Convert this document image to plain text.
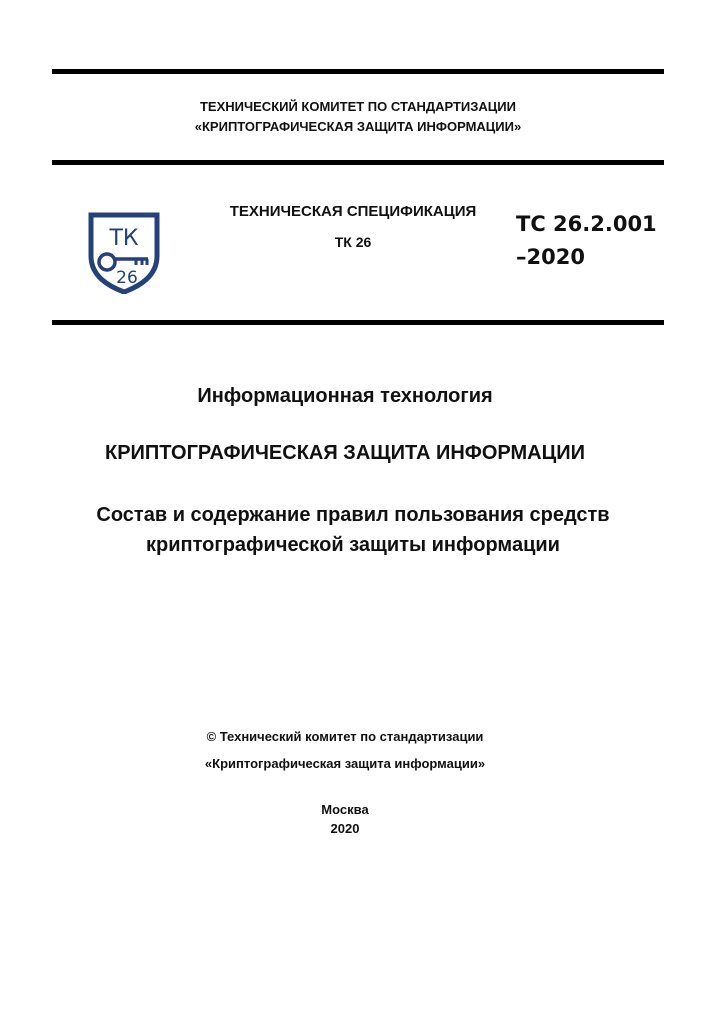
ТЕХНИЧЕСКИЙ КОМИТЕТ ПО СТАНДАРТИЗАЦИИ
«КРИПТОГРАФИЧЕСКАЯ ЗАЩИТА ИНФОРМАЦИИ»
ТК
26
ТЕХНИЧЕСКАЯ СПЕЦИФИКАЦИЯ
ТК 26
ТС 26.2.001
–2020
Информационная технология
КРИПТОГРАФИЧЕСКАЯ ЗАЩИТА ИНФОРМАЦИИ
Состав и содержание правил пользования средств
криптографической защиты информации
© Технический комитет по стандартизации
«Криптографическая защита информации»
Москва
2020
